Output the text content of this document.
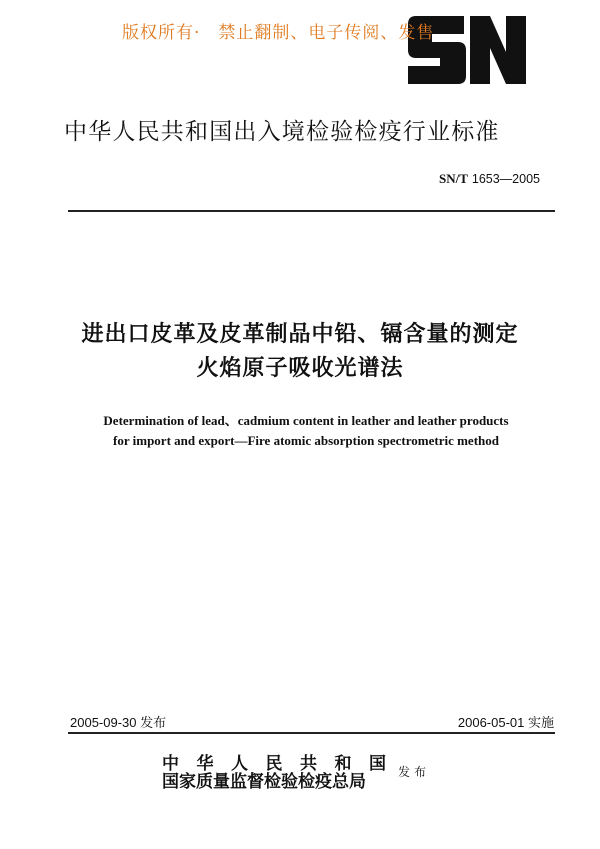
版权所有· 禁止翻制、电子传阅、发售
中华人民共和国出入境检验检疫行业标准
SN/T 1653—2005
进出口皮革及皮革制品中铅、镉含量的测定
火焰原子吸收光谱法
Determination of lead、cadmium content in leather and leather products
for import and export—Fire atomic absorption spectrometric method
2005-09-30 发布	2006-05-01 实施
中华人民共和国
国家质量监督检验检疫总局	发布
